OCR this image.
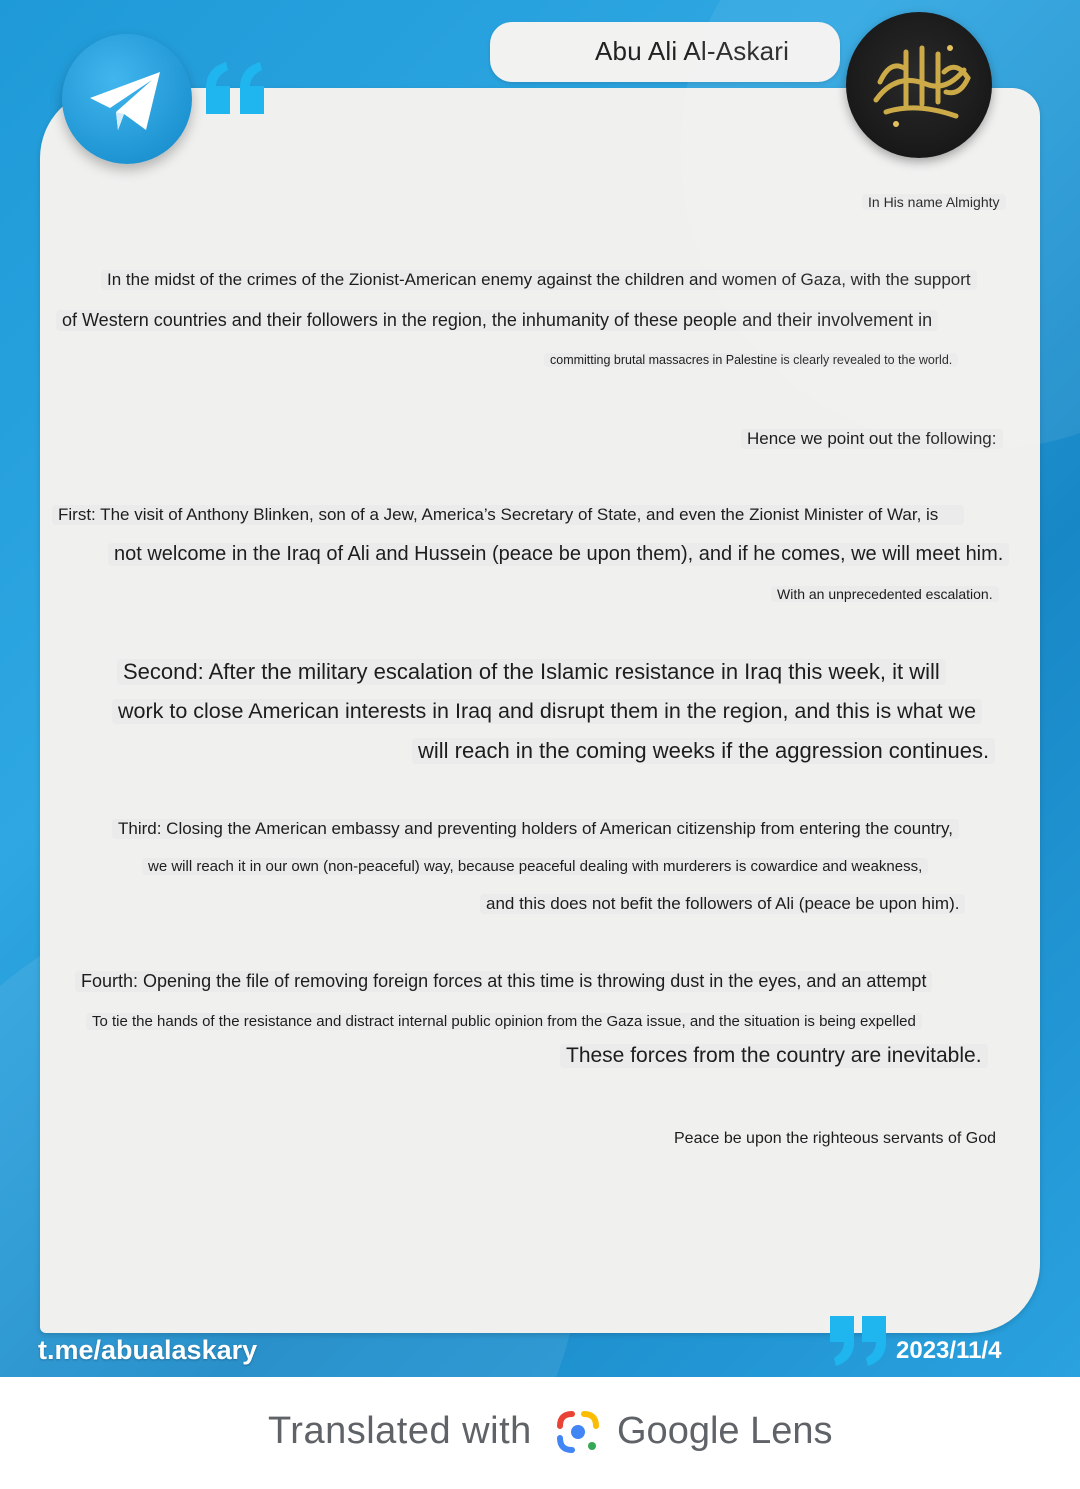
Abu Ali Al-Askari
In His name Almighty
In the midst of the crimes of the Zionist-American enemy against the children and women of Gaza, with the support
of Western countries and their followers in the region, the inhumanity of these people and their involvement in
committing brutal massacres in Palestine is clearly revealed to the world.
Hence we point out the following:
First: The visit of Anthony Blinken, son of a Jew, America’s Secretary of State, and even the Zionist Minister of War, is
not welcome in the Iraq of Ali and Hussein (peace be upon them), and if he comes, we will meet him.
With an unprecedented escalation.
Second: After the military escalation of the Islamic resistance in Iraq this week, it will
work to close American interests in Iraq and disrupt them in the region, and this is what we
will reach in the coming weeks if the aggression continues.
Third: Closing the American embassy and preventing holders of American citizenship from entering the country,
we will reach it in our own (non-peaceful) way, because peaceful dealing with murderers is cowardice and weakness,
and this does not befit the followers of Ali (peace be upon him).
Fourth: Opening the file of removing foreign forces at this time is throwing dust in the eyes, and an attempt
To tie the hands of the resistance and distract internal public opinion from the Gaza issue, and the situation is being expelled
These forces from the country are inevitable.
Peace be upon the righteous servants of God
t.me/abualaskary	2023/11/4
Translated with Google Lens
